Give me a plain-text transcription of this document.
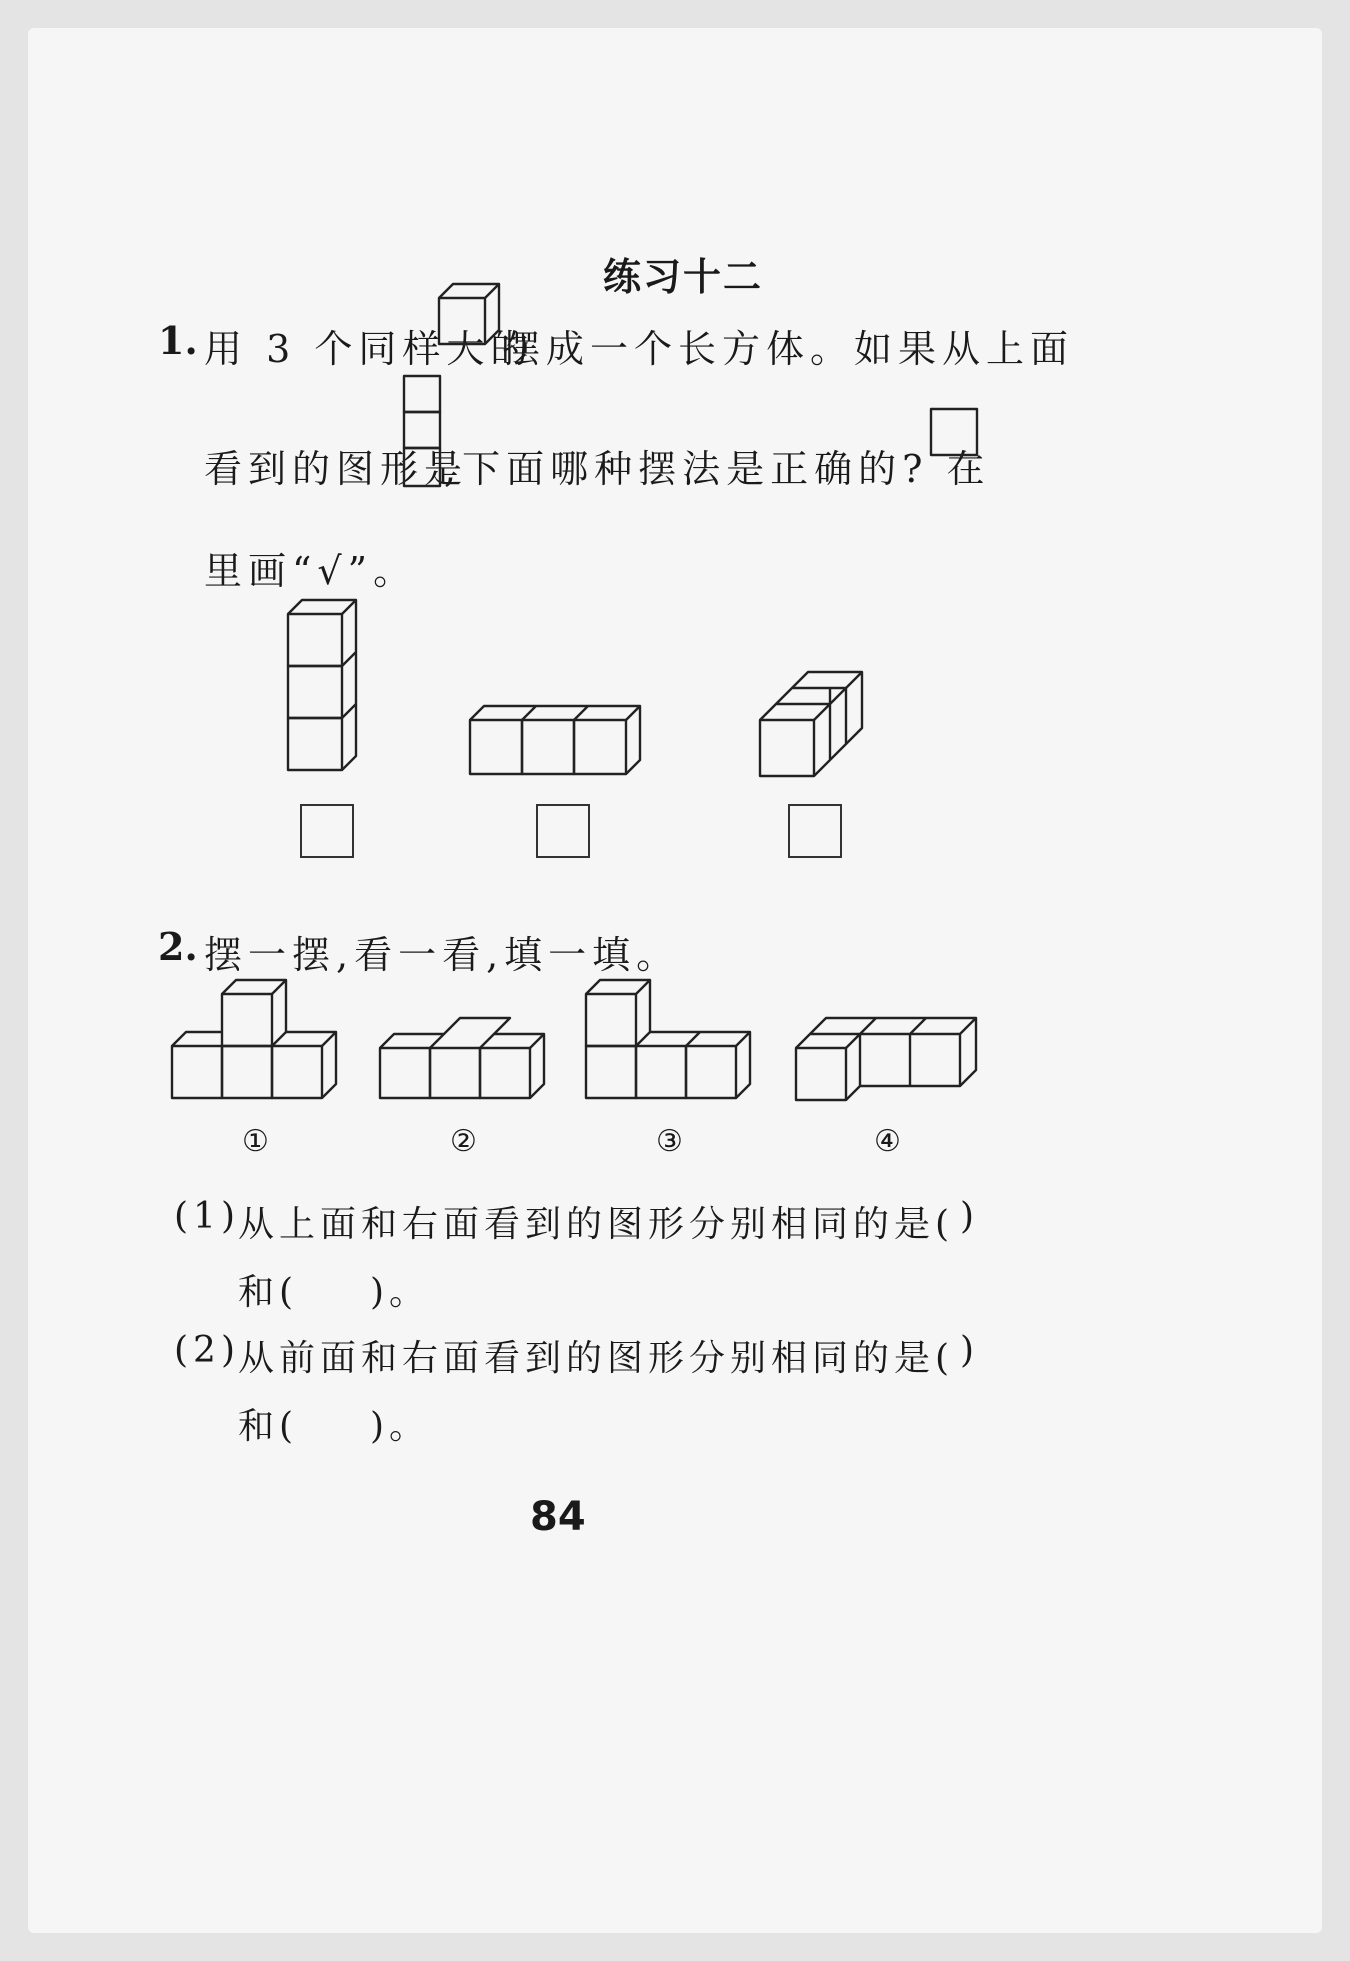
练习十二
1. 用 3 个同样大的
摆成一个长方体。如果从上面
看到的图形是
,下面哪种摆法是正确的? 在
里画“√”。
2. 摆一摆,看一看,填一填。
①	②	③	④
(1)
从上面和右面看到的图形分别相同的是( )
和( )。
(2)
从前面和右面看到的图形分别相同的是( )
和( )。
84
